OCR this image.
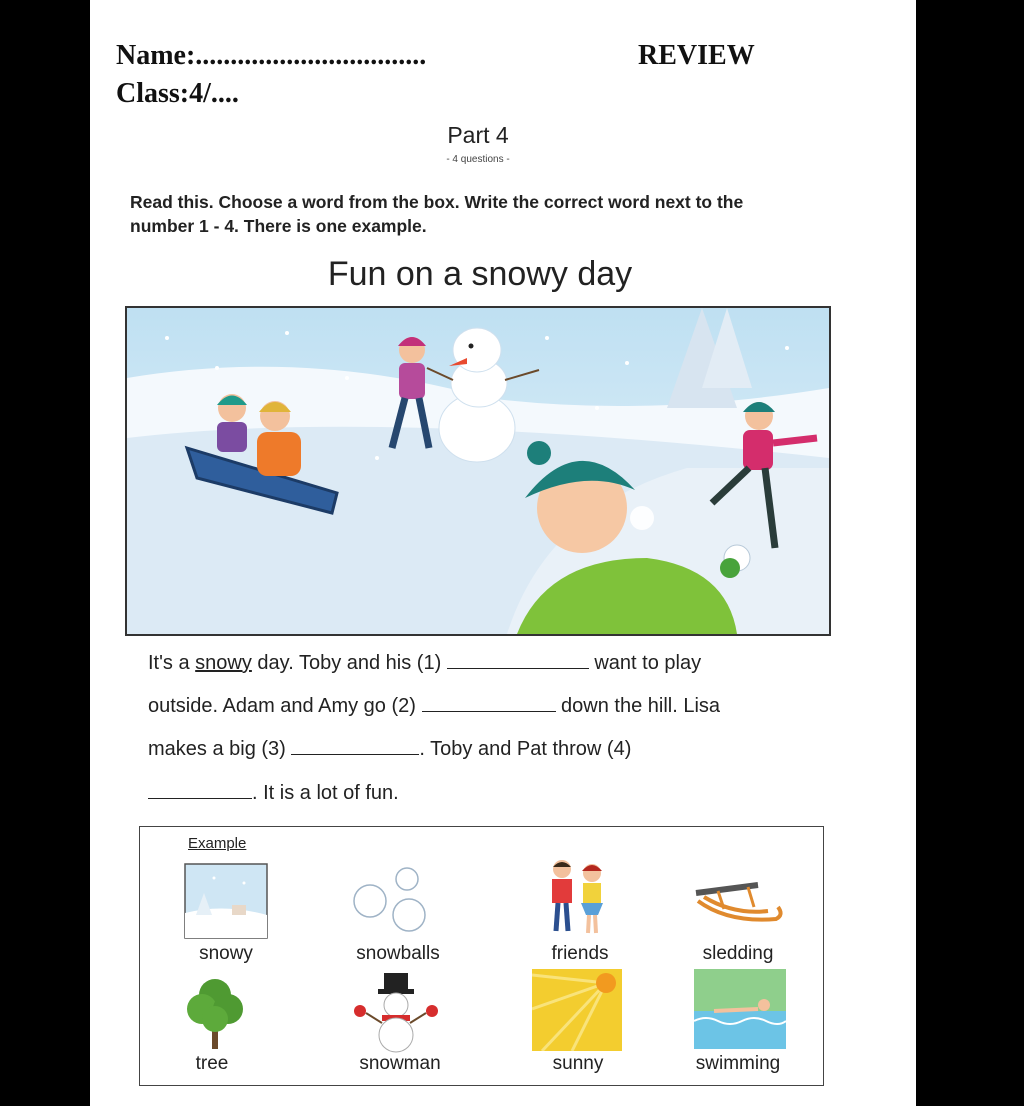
Name:.................................
Class:4/....
REVIEW
Part 4
- 4 questions -
Read this. Choose a word from the box. Write the correct word next to the number 1 - 4. There is one example.
Fun on a snowy day
It's a snowy day. Toby and his (1)	want to play
outside. Adam and Amy go (2)	down the hill. Lisa
makes a big (3)	. Toby and Pat throw (4)
. It is a lot of fun.
Example
snowy	snowballs	friends	sledding
tree	snowman	sunny	swimming
